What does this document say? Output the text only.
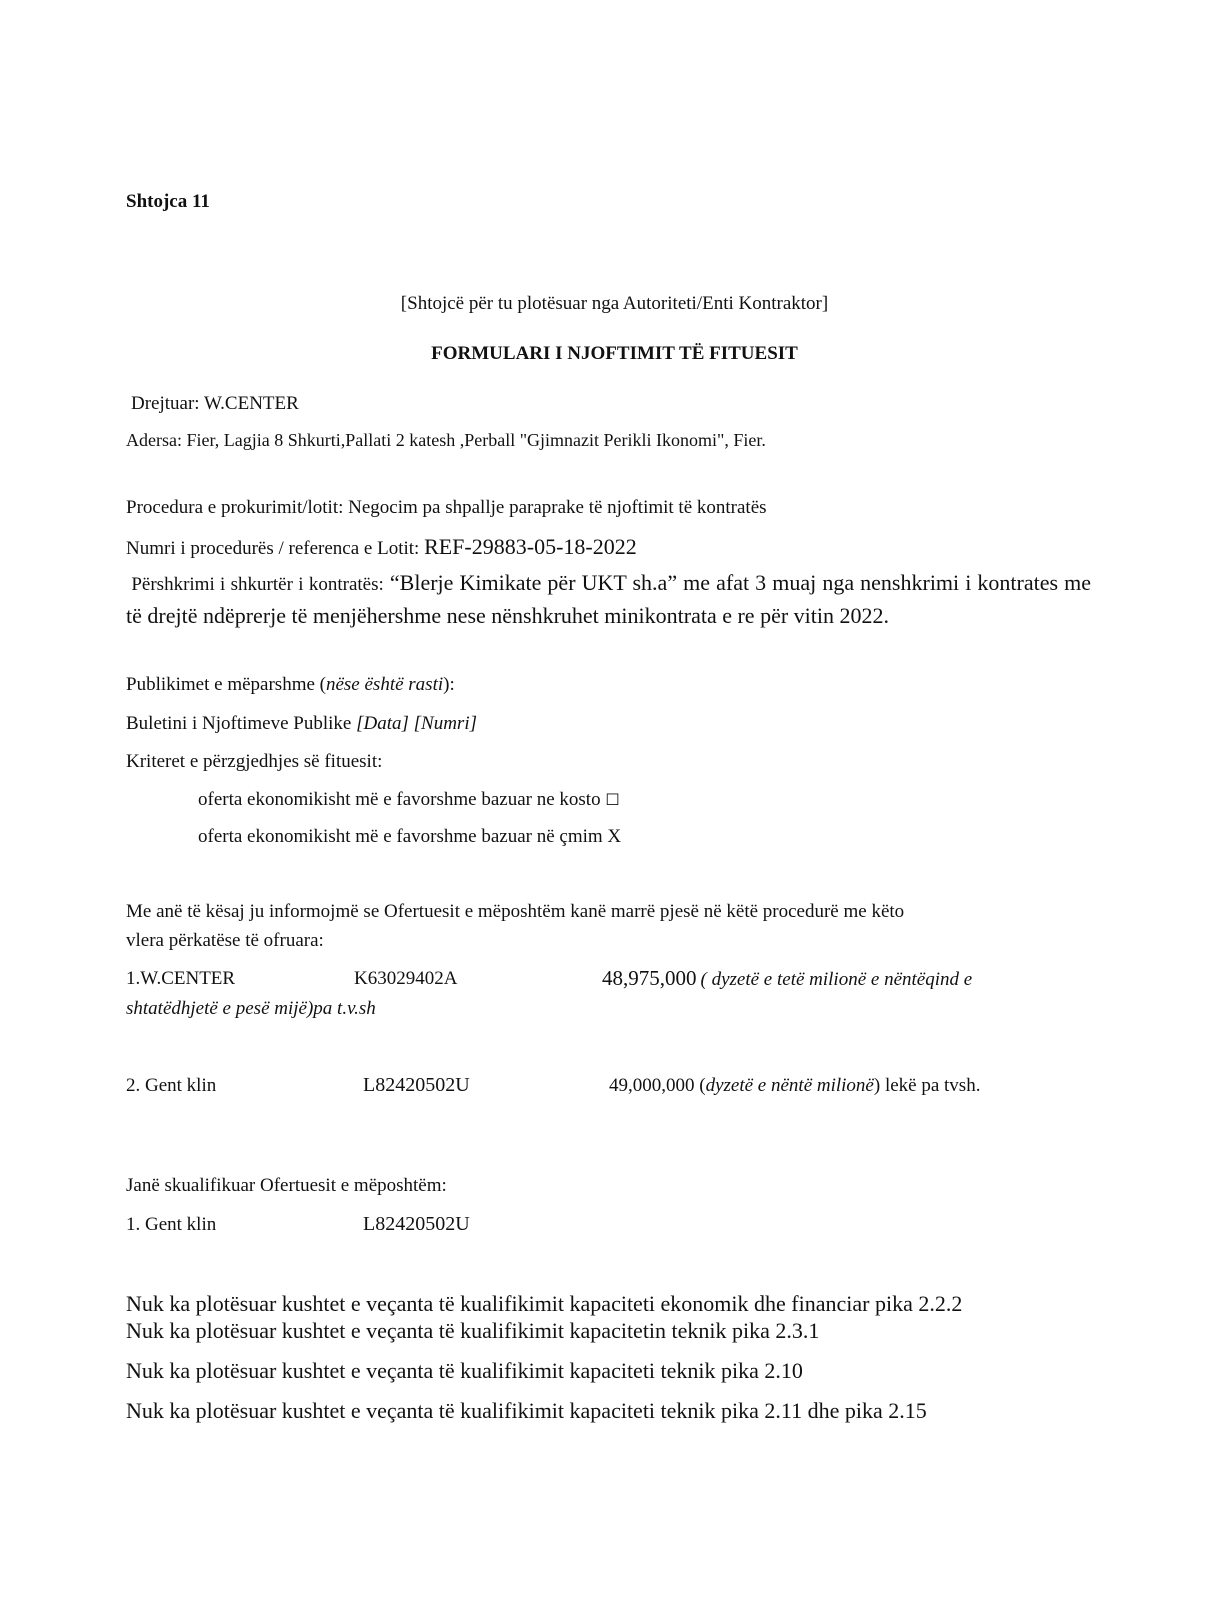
Shtojca 11
[Shtojcë për tu plotësuar nga Autoriteti/Enti Kontraktor]
FORMULARI I NJOFTIMIT TË FITUESIT
Drejtuar: W.CENTER
Adersa: Fier, Lagjia 8 Shkurti,Pallati 2 katesh ,Perball "Gjimnazit Perikli Ikonomi", Fier.
Procedura e prokurimit/lotit: Negocim pa shpallje paraprake të njoftimit të kontratës
Numri i procedurës / referenca e Lotit: REF-29883-05-18-2022
Përshkrimi i shkurtër i kontratës: “Blerje Kimikate për UKT sh.a” me afat 3 muaj nga nenshkrimi i kontrates me të drejtë ndëprerje të menjëhershme nese nënshkruhet minikontrata e re për vitin 2022.
Publikimet e mëparshme (nëse është rasti):
Buletini i Njoftimeve Publike [Data] [Numri]
Kriteret e përzgjedhjes së fituesit:
oferta ekonomikisht më e favorshme bazuar ne kosto ☐
oferta ekonomikisht më e favorshme bazuar në çmim X
Me anë të kësaj ju informojmë se Ofertuesit e mëposhtëm kanë marrë pjesë në këtë procedurë me këto
vlera përkatëse të ofruara:
1.W.CENTER	K63029402A	48,975,000 ( dyzetë e tetë milionë e nëntëqind e
shtatëdhjetë e pesë mijë)pa t.v.sh
2. Gent klin	L82420502U	49,000,000 (dyzetë e nëntë milionë) lekë pa tvsh.
Janë skualifikuar Ofertuesit e mëposhtëm:
1. Gent klin	L82420502U
Nuk ka plotësuar kushtet e veçanta të kualifikimit kapaciteti ekonomik dhe financiar pika 2.2.2
Nuk ka plotësuar kushtet e veçanta të kualifikimit kapacitetin teknik pika 2.3.1
Nuk ka plotësuar kushtet e veçanta të kualifikimit kapaciteti teknik pika 2.10
Nuk ka plotësuar kushtet e veçanta të kualifikimit kapaciteti teknik pika 2.11 dhe pika 2.15
